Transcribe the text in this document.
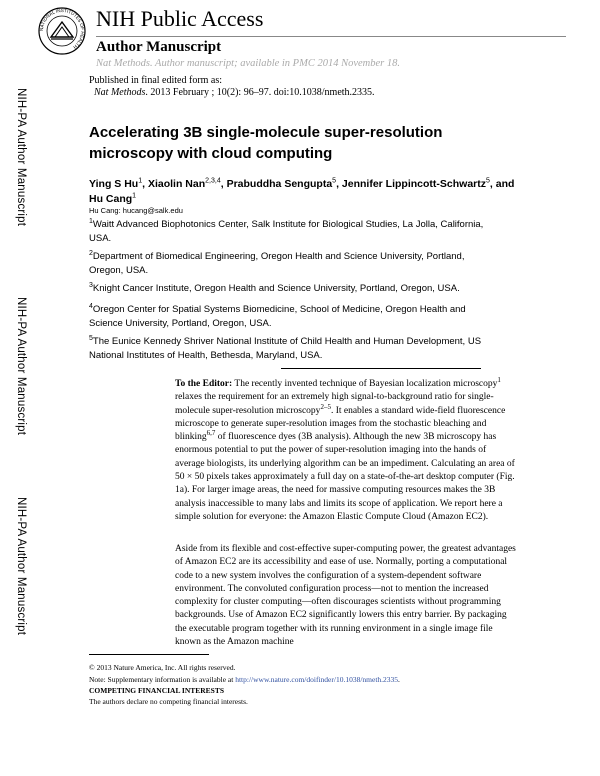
NATIONAL INSTITUTES OF HEALTH
NIH Public Access
Author Manuscript
Nat Methods. Author manuscript; available in PMC 2014 November 18.
Published in final edited form as:
Nat Methods. 2013 February ; 10(2): 96–97. doi:10.1038/nmeth.2335.
NIH-PA Author Manuscript
NIH-PA Author Manuscript
NIH-PA Author Manuscript
Accelerating 3B single-molecule super-resolution microscopy with cloud computing
Ying S Hu$^1$, Xiaolin Nan$^{2,3,4}$, Prabuddha Sengupta$^5$, Jennifer Lippincott-Schwartz$^5$, and Hu Cang$^1$
Hu Cang: hucang@salk.edu
$^1$Waitt Advanced Biophotonics Center, Salk Institute for Biological Studies, La Jolla, California, USA.
$^2$Department of Biomedical Engineering, Oregon Health and Science University, Portland, Oregon, USA.
$^3$Knight Cancer Institute, Oregon Health and Science University, Portland, Oregon, USA.
$^4$Oregon Center for Spatial Systems Biomedicine, School of Medicine, Oregon Health and Science University, Portland, Oregon, USA.
$^5$The Eunice Kennedy Shriver National Institute of Child Health and Human Development, US National Institutes of Health, Bethesda, Maryland, USA.
To the Editor: The recently invented technique of Bayesian localization microscopy$^1$ relaxes the requirement for an extremely high signal-to-background ratio for single-molecule super-resolution microscopy$^{2-5}$. It enables a standard wide-field fluorescence microscope to generate super-resolution images from the stochastic bleaching and blinking$^{6,7}$ of fluorescence dyes (3B analysis). Although the new 3B microscopy has enormous potential to put the power of super-resolution imaging into the hands of average biologists, its underlying algorithm can be an impediment. Calculating an area of 50 × 50 pixels takes approximately a full day on a state-of-the-art desktop computer (Fig. 1a). For larger image areas, the need for massive computing resources makes the 3B analysis inaccessible to many labs and limits its scope of application. We report here a simple solution for everyone: the Amazon Elastic Compute Cloud (Amazon EC2).
Aside from its flexible and cost-effective super-computing power, the greatest advantages of Amazon EC2 are its accessibility and ease of use. Normally, porting a computational code to a new system involves the configuration of a system-dependent software environment. The convoluted configuration process—not to mention the increased complexity for cluster computing—often discourages scientists without programming backgrounds. Use of Amazon EC2 significantly lowers this entry barrier. By packaging the executable program together with its running environment in a single image file known as the Amazon machine
© 2013 Nature America, Inc. All rights reserved.
Note: Supplementary information is available at http://www.nature.com/doifinder/10.1038/nmeth.2335.
COMPETING FINANCIAL INTERESTS
The authors declare no competing financial interests.
